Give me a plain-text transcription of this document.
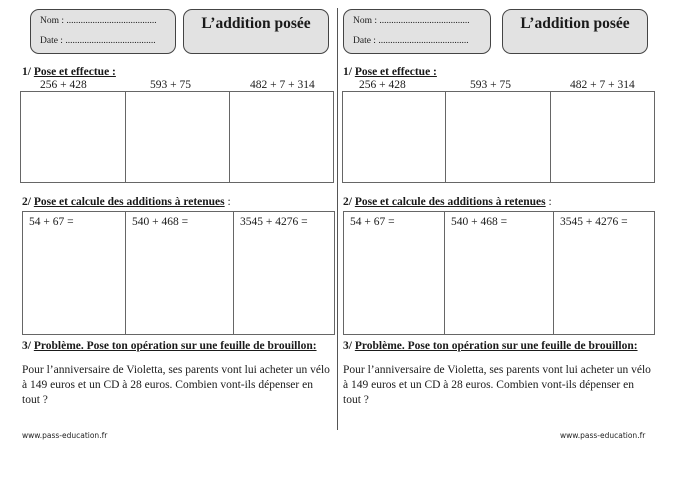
Nom : ......................................
Date : ......................................
L’addition posée
1/ Pose et effectue :
256 + 428	593 + 75	482 + 7 + 314
2/ Pose et calcule des additions à retenues :
54 + 67 =	540 + 468 =	3545 + 4276 =
3/ Problème. Pose ton opération sur une feuille de brouillon:
Pour l’anniversaire de Violetta, ses parents vont lui acheter un vélo à 149 euros et un CD à 28 euros. Combien vont-ils dépenser en tout ?
www.pass-education.fr
Nom : ......................................
Date : ......................................
L’addition posée
1/ Pose et effectue :
256 + 428	593 + 75	482 + 7 + 314
2/ Pose et calcule des additions à retenues :
54 + 67 =	540 + 468 =	3545 + 4276 =
3/ Problème. Pose ton opération sur une feuille de brouillon:
Pour l’anniversaire de Violetta, ses parents vont lui acheter un vélo à 149 euros et un CD à 28 euros. Combien vont-ils dépenser en tout ?
www.pass-education.fr
